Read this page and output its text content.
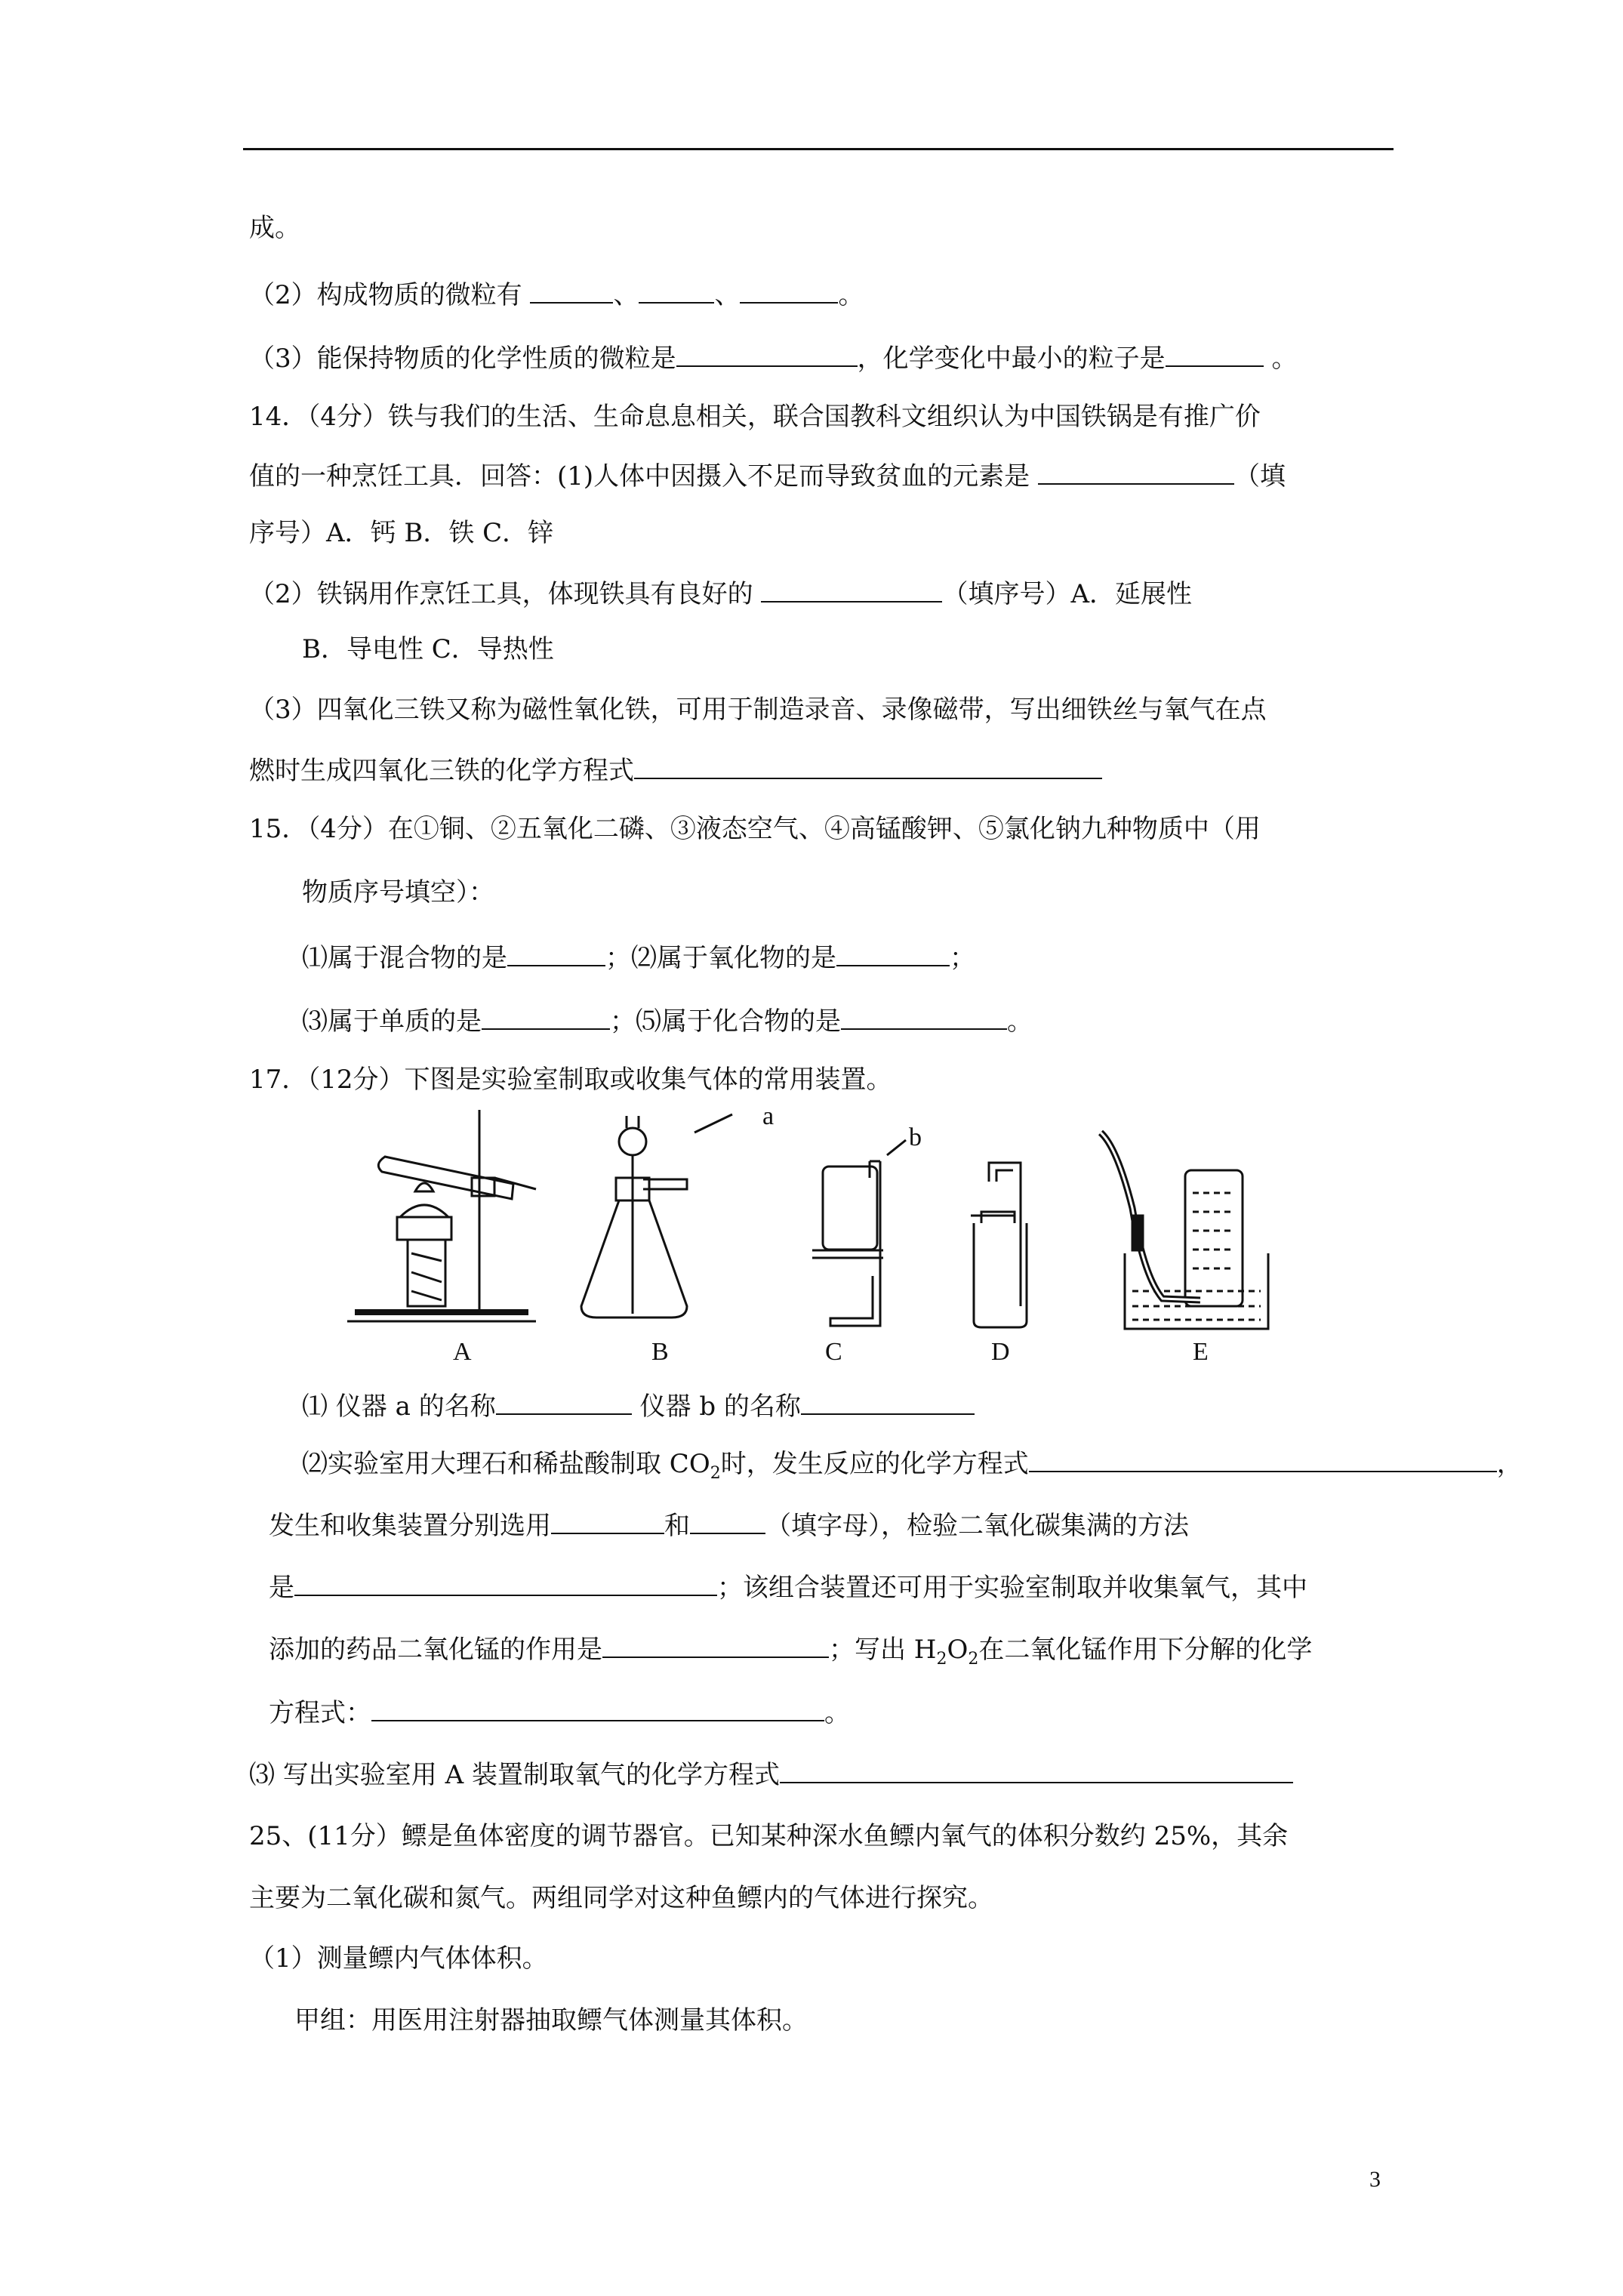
成。
（2）构成物质的微粒有	、	、	。
（3）能保持物质的化学性质的微粒是	，化学变化中最小的粒子是	。
14．（4分）铁与我们的生活、生命息息相关，联合国教科文组织认为中国铁锅是有推广价
值的一种烹饪工具．回答：(1)人体中因摄入不足而导致贫血的元素是	（填
序号）A．钙 B．铁 C．锌
（2）铁锅用作烹饪工具，体现铁具有良好的	（填序号）A．延展性
B．导电性 C．导热性
（3）四氧化三铁又称为磁性氧化铁，可用于制造录音、录像磁带，写出细铁丝与氧气在点
燃时生成四氧化三铁的化学方程式
15．（4分）在①铜、②五氧化二磷、③液态空气、④高锰酸钾、⑤氯化钠九种物质中（用
物质序号填空）：
⑴属于混合物的是	；⑵属于氧化物的是	；
⑶属于单质的是	；⑸属于化合物的是	。
17．（12分）下图是实验室制取或收集气体的常用装置。
a
b
A	B	C	D	E
⑴ 仪器 a 的名称	仪器 b 的名称
⑵实验室用大理石和稀盐酸制取 $CO_2$时，发生反应的化学方程式	，
发生和收集装置分别选用	和	（填字母），检验二氧化碳集满的方法
是	；该组合装置还可用于实验室制取并收集氧气，其中
添加的药品二氧化锰的作用是	；写出 $H_2O_2$在二氧化锰作用下分解的化学
方程式：	。
⑶ 写出实验室用 A 装置制取氧气的化学方程式
25、(11分）鳔是鱼体密度的调节器官。已知某种深水鱼鳔内氧气的体积分数约 25%，其余
主要为二氧化碳和氮气。两组同学对这种鱼鳔内的气体进行探究。
（1）测量鳔内气体体积。
甲组：用医用注射器抽取鳔气体测量其体积。
3
